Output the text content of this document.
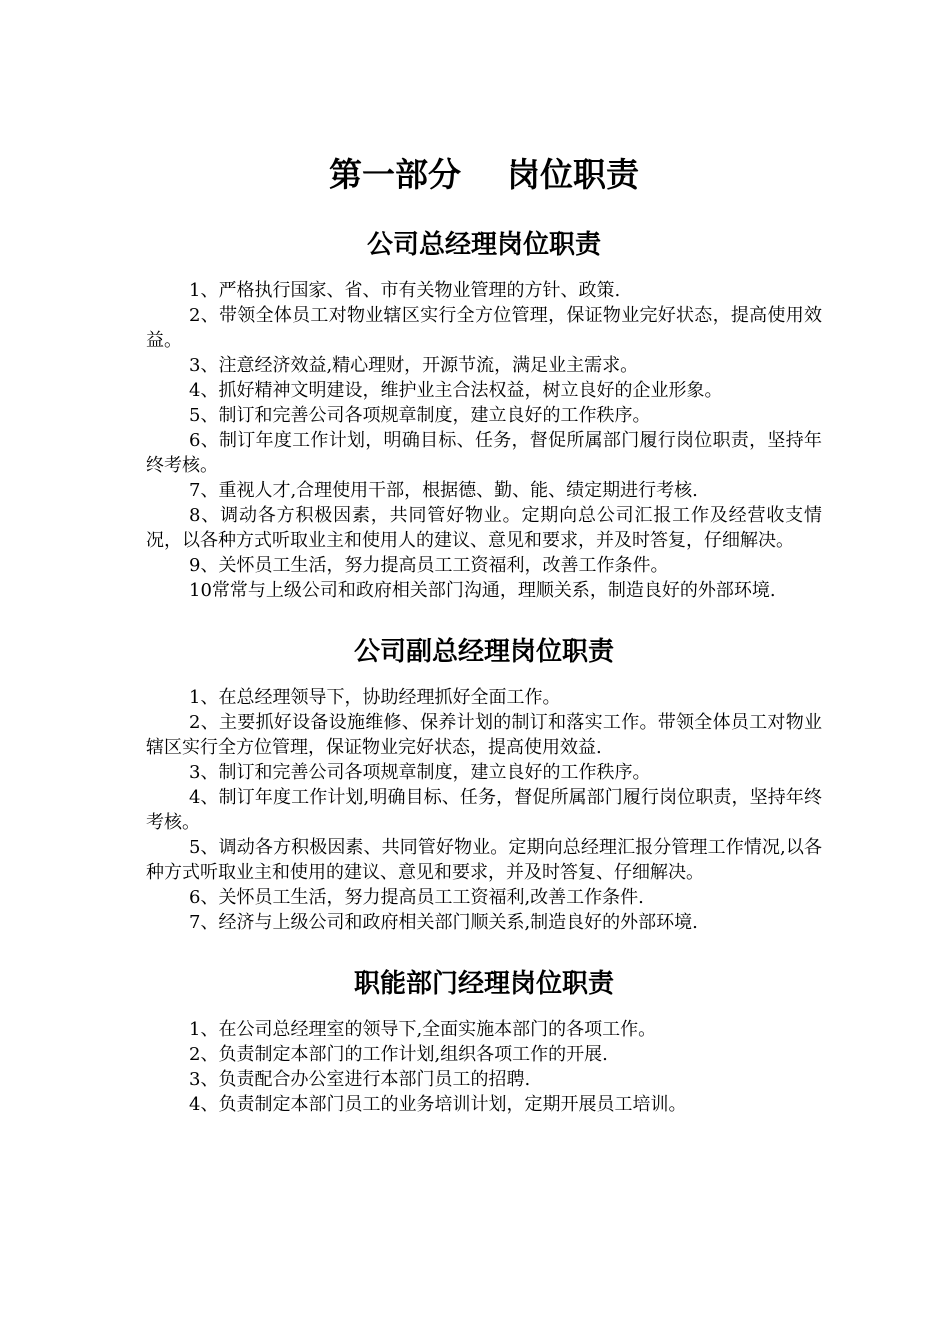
第一部分    岗位职责
公司总经理岗位职责

1、严格执行国家、省、市有关物业管理的方针、政策.

2、带领全体员工对物业辖区实行全方位管理，保证物业完好状态，提高使用效益。

3、注意经济效益,精心理财，开源节流，满足业主需求。

4、抓好精神文明建设，维护业主合法权益，树立良好的企业形象。

5、制订和完善公司各项规章制度，建立良好的工作秩序。

6、制订年度工作计划，明确目标、任务，督促所属部门履行岗位职责，坚持年终考核。

7、重视人才,合理使用干部，根据德、勤、能、绩定期进行考核.

8、调动各方积极因素，共同管好物业。定期向总公司汇报工作及经营收支情况，以各种方式听取业主和使用人的建议、意见和要求，并及时答复，仔细解决。

9、关怀员工生活，努力提高员工工资福利，改善工作条件。

10常常与上级公司和政府相关部门沟通，理顺关系，制造良好的外部环境.

公司副总经理岗位职责

1、在总经理领导下，协助经理抓好全面工作。

2、主要抓好设备设施维修、保养计划的制订和落实工作。带领全体员工对物业辖区实行全方位管理，保证物业完好状态，提高使用效益.

3、制订和完善公司各项规章制度，建立良好的工作秩序。

4、制订年度工作计划,明确目标、任务，督促所属部门履行岗位职责，坚持年终考核。

5、调动各方积极因素、共同管好物业。定期向总经理汇报分管理工作情况,以各种方式听取业主和使用的建议、意见和要求，并及时答复、仔细解决。

6、关怀员工生活，努力提高员工工资福利,改善工作条件.

7、经济与上级公司和政府相关部门顺关系,制造良好的外部环境.

职能部门经理岗位职责

1、在公司总经理室的领导下,全面实施本部门的各项工作。

2、负责制定本部门的工作计划,组织各项工作的开展.

3、负责配合办公室进行本部门员工的招聘.

4、负责制定本部门员工的业务培训计划，定期开展员工培训。
